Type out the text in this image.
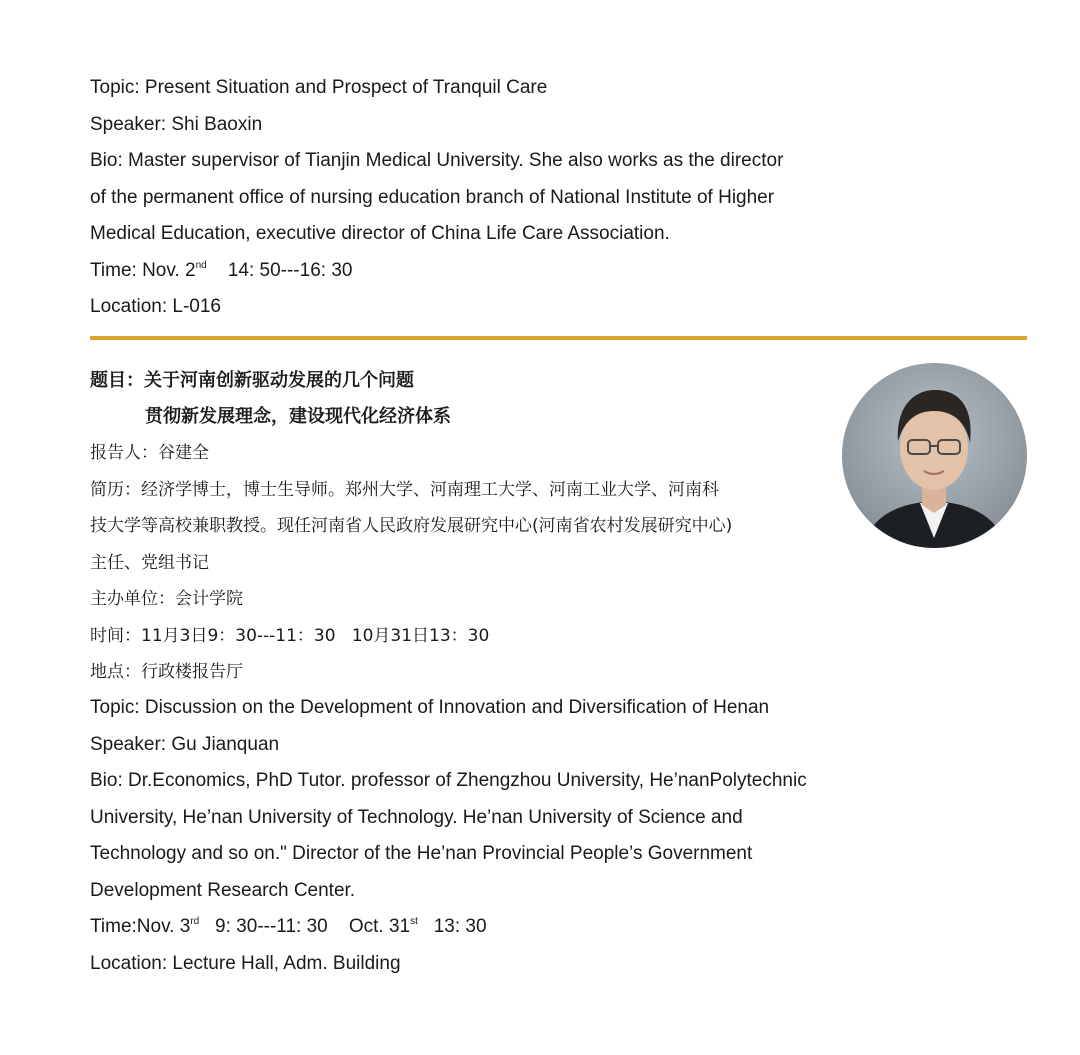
Topic: Present Situation and Prospect of Tranquil Care
Speaker: Shi Baoxin
Bio: Master supervisor of Tianjin Medical University. She also works as the director
of the permanent office of nursing education branch of National Institute of Higher
Medical Education, executive director of China Life Care Association.
Time: Nov. 2nd    14: 50---16: 30
Location: L-016
题目：关于河南创新驱动发展的几个问题
贯彻新发展理念，建设现代化经济体系
报告人：谷建全
简历：经济学博士，博士生导师。郑州大学、河南理工大学、河南工业大学、河南科
技大学等高校兼职教授。现任河南省人民政府发展研究中心(河南省农村发展研究中心)
主任、党组书记
主办单位：会计学院
时间：11月3日9：30---11：30   10月31日13：30
地点：行政楼报告厅
Topic: Discussion on the Development of Innovation and Diversification of Henan
Speaker: Gu Jianquan
Bio: Dr.Economics, PhD Tutor. professor of Zhengzhou University, He’nanPolytechnic
University, He’nan University of Technology. He’nan University of Science and
Technology and so on." Director of the He’nan Provincial People’s Government
Development Research Center.
Time:Nov. 3rd   9: 30---11: 30    Oct. 31st   13: 30
Location: Lecture Hall, Adm. Building
